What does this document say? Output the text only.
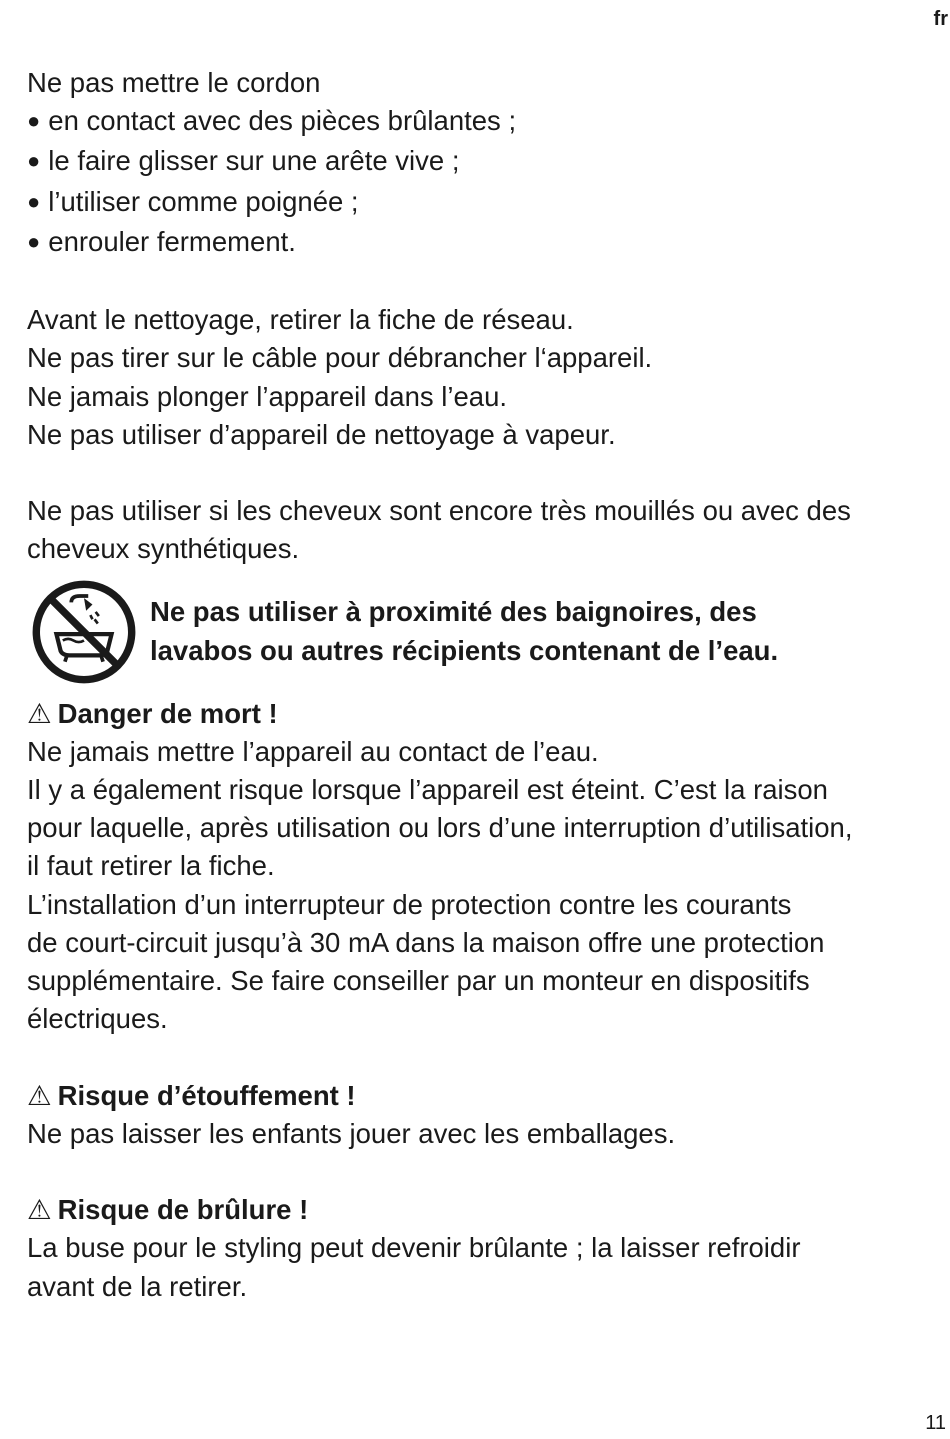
fr
Ne pas mettre le cordon
● en contact avec des pièces brûlantes ;
● le faire glisser sur une arête vive ;
● l’utiliser comme poignée ;
● enrouler fermement.
Avant le nettoyage, retirer la fiche de réseau.
Ne pas tirer sur le câble pour débrancher l‘appareil.
Ne jamais plonger l’appareil dans l’eau.
Ne pas utiliser d’appareil de nettoyage à vapeur.
Ne pas utiliser si les cheveux sont encore très mouillés ou avec des
cheveux synthétiques.
Ne pas utiliser à proximité des baignoires, des
lavabos ou autres récipients contenant de l’eau.
⚠ Danger de mort !
Ne jamais mettre l’appareil au contact de l’eau.
Il y a également risque lorsque l’appareil est éteint. C’est la raison
pour laquelle, après utilisation ou lors d’une interruption d’utilisation,
il faut retirer la fiche.
L’installation d’un interrupteur de protection contre les courants
de court-circuit jusqu’à 30 mA dans la maison offre une protection
supplémentaire. Se faire conseiller par un monteur en dispositifs
électriques.
⚠ Risque d’étouffement !
Ne pas laisser les enfants jouer avec les emballages.
⚠ Risque de brûlure !
La buse pour le styling peut devenir brûlante ; la laisser refroidir
avant de la retirer.
11
